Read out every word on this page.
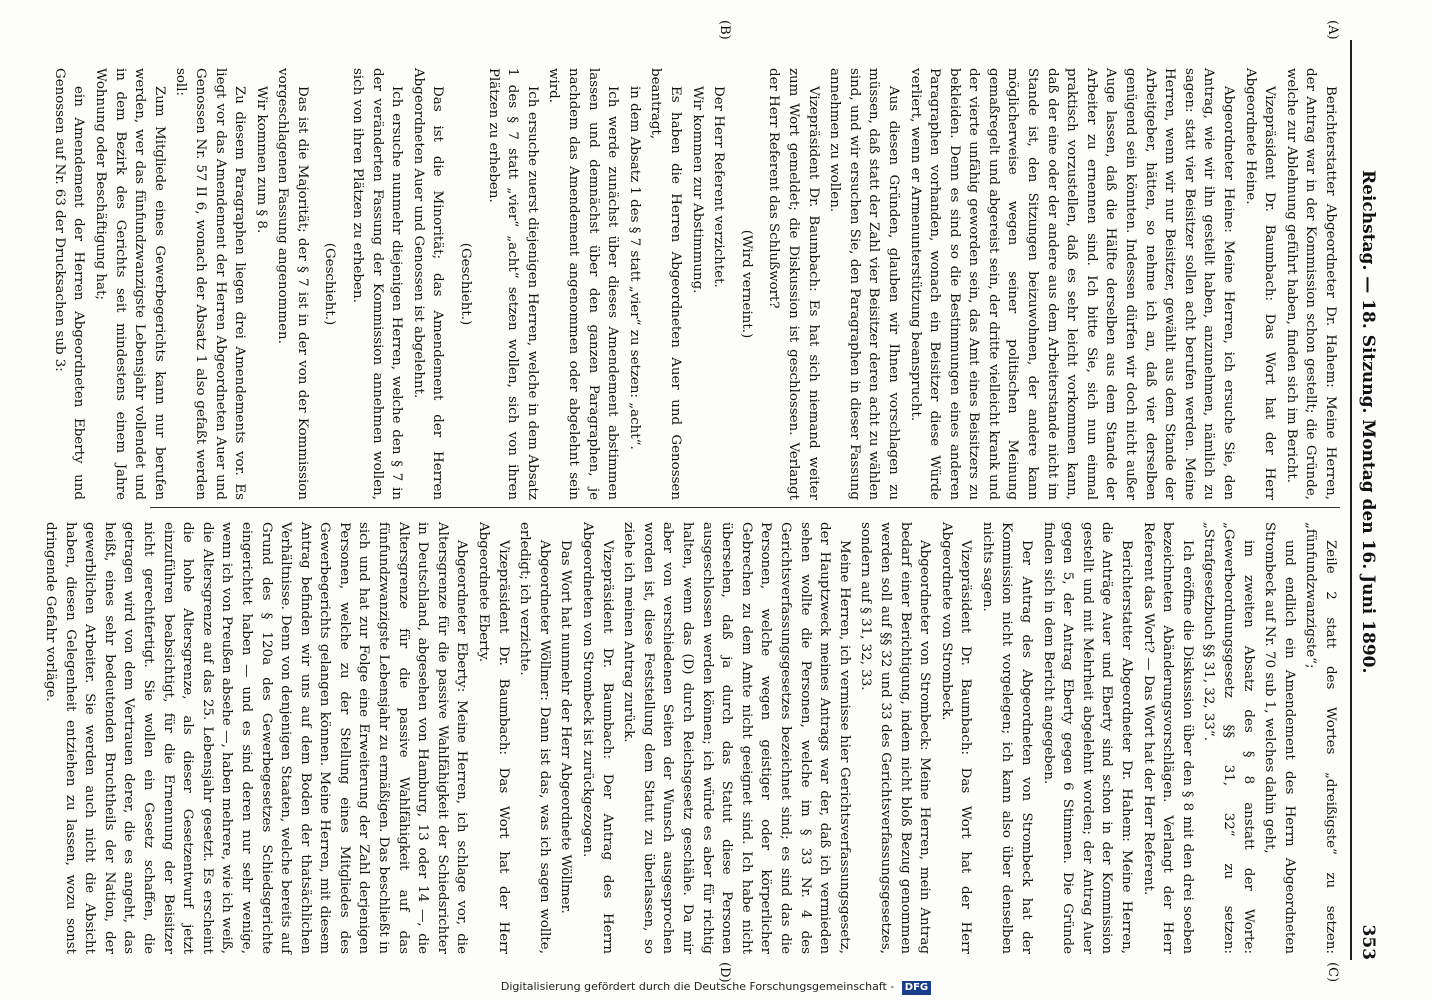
Reichstag. — 18. Sitzung. Montag den 16. Juni 1890.
353
(A)
(B)
(C)
(D)

Berichterstatter Abgeordneter Dr. Hahem: Meine Herren, der Antrag war in der Kommission schon gestellt; die Gründe, welche zur Ablehnung geführt haben, finden sich im Bericht.

Vizepräsident Dr. Baumbach: Das Wort hat der Herr Abgeordnete Heine.

Abgeordneter Heine: Meine Herren, ich ersuche Sie, den Antrag, wie wir ihn gestellt haben, anzunehmen, nämlich zu sagen: statt vier Beisitzer sollen acht berufen werden. Meine Herren, wenn wir nur Beisitzer, gewählt aus dem Stande der Arbeitgeber, hätten, so nehme ich an, daß vier derselben genügend sein könnten. Indessen dürfen wir doch nicht außer Auge lassen, daß die Hälfte derselben aus dem Stande der Arbeiter zu ernennen sind. Ich bitte Sie, sich nun einmal praktisch vorzustellen, daß es sehr leicht vorkommen kann, daß der eine oder der andere aus dem Arbeiterstande nicht im Stande ist, den Sitzungen beizuwohnen, der andere kann möglicherweise wegen seiner politischen Meinung gemaßregelt und abgereist sein, der dritte vielleicht krank und der vierte unfähig geworden sein, das Amt eines Beisitzers zu bekleiden. Denn es sind so die Bestimmungen eines anderen Paragraphen vorhanden, wonach ein Beisitzer diese Würde verliert, wenn er Armenunterstützung beansprucht.

Aus diesen Gründen, glauben wir Ihnen vorschlagen zu müssen, daß statt der Zahl vier Beisitzer deren acht zu wählen sind, und wir ersuchen Sie, den Paragraphen in dieser Fassung annehmen zu wollen.

Vizepräsident Dr. Baumbach: Es hat sich niemand weiter zum Wort gemeldet; die Diskussion ist geschlossen. Verlangt der Herr Referent das Schlußwort?

(Wird verneint.)

Der Herr Referent verzichtet.

Wir kommen zur Abstimmung.

Es haben die Herren Abgeordneten Auer und Genossen beantragt,

in dem Absatz 1 des § 7 statt „vier“ zu setzen: „acht“.

Ich werde zunächst über dieses Amendement abstimmen lassen und demnächst über den ganzen Paragraphen, je nachdem das Amendement angenommen oder abgelehnt sein wird.

Ich ersuche zuerst diejenigen Herren, welche in dem Absatz 1 des § 7 statt „vier“ „acht“ setzen wollen, sich von ihren Plätzen zu erheben.

(Geschieht.)

Das ist die Minorität; das Amendement der Herren Abgeordneten Auer und Genossen ist abgelehnt.

Ich ersuche nunmehr diejenigen Herren, welche den § 7 in der veränderten Fassung der Kommission annehmen wollen, sich von ihren Plätzen zu erheben.

(Geschieht.)

Das ist die Majorität; der § 7 ist in der von der Kommission vorgeschlagenen Fassung angenommen.

Wir kommen zum § 8.

Zu diesem Paragraphen liegen drei Amendements vor. Es liegt vor das Amendement der Herren Abgeordneten Auer und Genossen Nr. 57 II 6, wonach der Absatz 1 also gefaßt werden soll:

Zum Mitgliede eines Gewerbegerichts kann nur berufen werden, wer das fünfundzwanzigste Lebensjahr vollendet und in dem Bezirk des Gerichts seit mindestens einem Jahre Wohnung oder Beschäftigung hat;

ein Amendement der Herren Abgeordneten Eberty und Genossen auf Nr. 63 der Drucksachen sub 3:

Zeile 2 statt des Wortes „dreißigste“ zu setzen: „fünfundzwanzigste“;

und endlich ein Amendement des Herrn Abgeordneten Strombeck auf Nr. 70 sub 1, welches dahin geht,

im zweiten Absatz des § 8 anstatt der Worte: „Gewerbeordnungsgesetz §§ 31, 32“ zu setzen: „Strafgesetzbuch §§ 31, 32, 33“.

Ich eröffne die Diskussion über den § 8 mit den drei soeben bezeichneten Abänderungsvorschlägen. Verlangt der Herr Referent das Wort? — Das Wort hat der Herr Referent.

Berichterstatter Abgeordneter Dr. Hahem: Meine Herren, die Anträge Auer und Eberty sind schon in der Kommission gestellt und mit Mehrheit abgelehnt worden; der Antrag Auer gegen 5, der Antrag Eberty gegen 6 Stimmen. Die Gründe finden sich in dem Bericht angegeben.

Der Antrag des Abgeordneten von Strombeck hat der Kommission nicht vorgelegen; ich kann also über denselben nichts sagen.

Vizepräsident Dr. Baumbach: Das Wort hat der Herr Abgeordnete von Strombeck.

Abgeordneter von Strombeck: Meine Herren, mein Antrag bedarf einer Berichtigung, indem nicht bloß Bezug genommen werden soll auf §§ 32 und 33 des Gerichtsverfassungsgesetzes, sondern auf § 31, 32, 33.

Meine Herren, ich vermisse hier Gerichtsverfassungsgesetz, der Hauptzweck meines Antrags war der, daß ich vermieden sehen wollte die Personen, welche im § 33 Nr. 4 des Gerichtsverfassungsgesetzes bezeichnet sind; es sind das die Personen, welche wegen geistiger oder körperlicher Gebrechen zu dem Amte nicht geeignet sind. Ich habe nicht übersehen, daß ja durch das Statut diese Personen ausgeschlossen werden können; ich würde es aber für richtig halten, wenn das (D) durch Reichsgesetz geschähe. Da mir aber von verschiedenen Seiten der Wunsch ausgesprochen worden ist, diese Feststellung dem Statut zu überlassen, so ziehe ich meinen Antrag zurück.

Vizepräsident Dr. Baumbach: Der Antrag des Herrn Abgeordneten von Strombeck ist zurückgezogen.

Das Wort hat nunmehr der Herr Abgeordnete Wöllmer.

Abgeordneter Wöllmer: Dann ist das, was ich sagen wollte, erledigt; ich verzichte.

Vizepräsident Dr. Baumbach: Das Wort hat der Herr Abgeordnete Eberty.

Abgeordneter Eberty: Meine Herren, ich schlage vor, die Altersgrenze für die passive Wahlfähigkeit der Schiedsrichter in Deutschland, abgesehen von Hamburg, 13 oder 14 —, die Altersgrenze für die passive Wahlfähigkeit auf das fünfundzwanzigste Lebensjahr zu ermäßigen. Das beschließt in sich und hat zur Folge eine Erweiterung der Zahl derjenigen Personen, welche zu der Stellung eines Mitgliedes des Gewerbegerichts gelangen können. Meine Herren, mit diesem Antrag befinden wir uns auf dem Boden der thatsächlichen Verhältnisse. Denn von denjenigen Staaten, welche bereits auf Grund des § 120a des Gewerbegesetzes Schiedsgerichte eingerichtet haben — und es sind deren nur sehr wenige, wenn ich von Preußen absehe —, haben mehrere, wie ich weiß, die Altersgrenze auf das 25. Lebensjahr gesetzt. Es erscheint die hohe Altersgrenze, als dieser Gesetzentwurf jetzt einzuführen beabsichtigt, für die Ernennung der Beisitzer nicht gerechtfertigt. Sie wollen ein Gesetz schaffen, die getragen wird von dem Vertrauen derer, die es angeht, das heißt, eines sehr bedeutenden Bruchtheils der Nation, der gewerblichen Arbeiter. Sie werden auch nicht die Absicht haben, diesen Gelegenheit entziehen zu lassen, wozu sonst dringende Gefahr vorläge.

Digitalisierung gefördert durch die Deutsche Forschungsgemeinschaft - DFG
